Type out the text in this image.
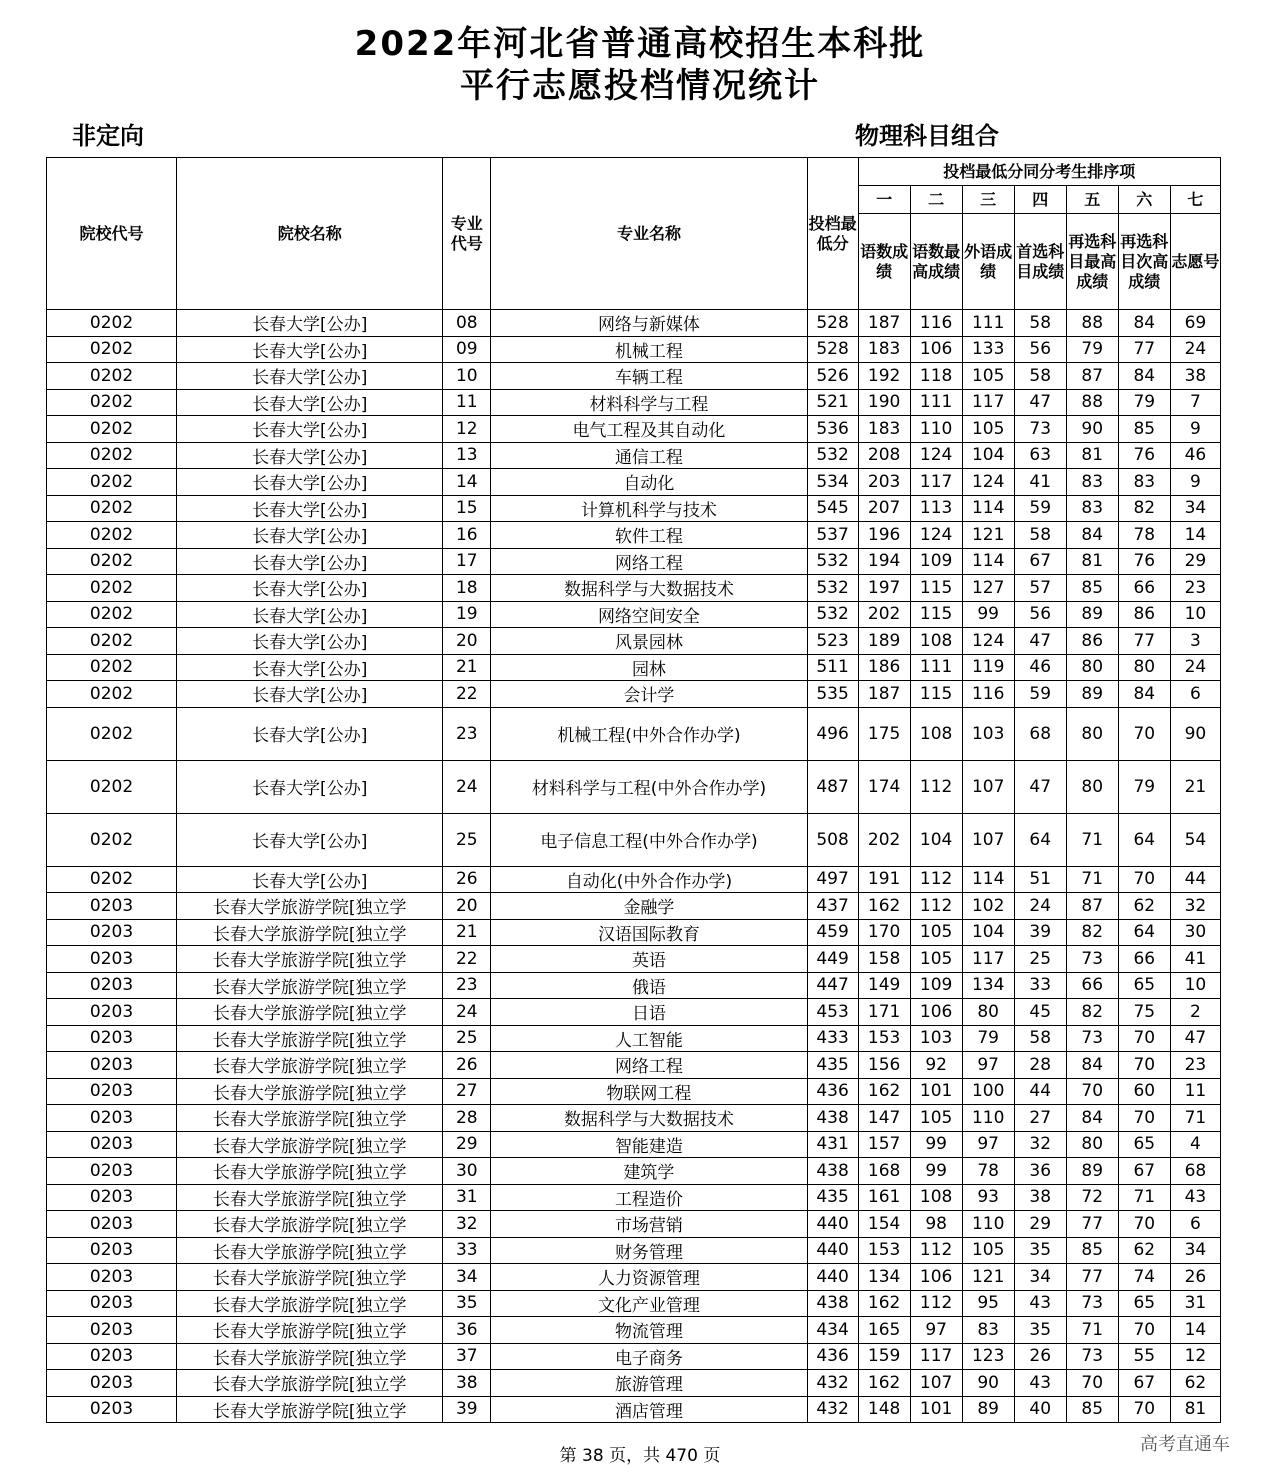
2022年河北省普通高校招生本科批
平行志愿投档情况统计
非定向	物理科目组合
院校代号	院校名称	专业代号	专业名称	投档最低分	投档最低分同分考生排序项						
					一	二	三	四	五	六	七
					语数成绩	语数最高成绩	外语成绩	首选科目成绩	再选科目最高成绩	再选科目次高成绩	志愿号
0202	长春大学[公办]	08	网络与新媒体	528	187	116	111	58	88	84	69
0202	长春大学[公办]	09	机械工程	528	183	106	133	56	79	77	24
0202	长春大学[公办]	10	车辆工程	526	192	118	105	58	87	84	38
0202	长春大学[公办]	11	材料科学与工程	521	190	111	117	47	88	79	7
0202	长春大学[公办]	12	电气工程及其自动化	536	183	110	105	73	90	85	9
0202	长春大学[公办]	13	通信工程	532	208	124	104	63	81	76	46
0202	长春大学[公办]	14	自动化	534	203	117	124	41	83	83	9
0202	长春大学[公办]	15	计算机科学与技术	545	207	113	114	59	83	82	34
0202	长春大学[公办]	16	软件工程	537	196	124	121	58	84	78	14
0202	长春大学[公办]	17	网络工程	532	194	109	114	67	81	76	29
0202	长春大学[公办]	18	数据科学与大数据技术	532	197	115	127	57	85	66	23
0202	长春大学[公办]	19	网络空间安全	532	202	115	99	56	89	86	10
0202	长春大学[公办]	20	风景园林	523	189	108	124	47	86	77	3
0202	长春大学[公办]	21	园林	511	186	111	119	46	80	80	24
0202	长春大学[公办]	22	会计学	535	187	115	116	59	89	84	6
0202	长春大学[公办]	23	机械工程(中外合作办学)	496	175	108	103	68	80	70	90
0202	长春大学[公办]	24	材料科学与工程(中外合作办学)	487	174	112	107	47	80	79	21
0202	长春大学[公办]	25	电子信息工程(中外合作办学)	508	202	104	107	64	71	64	54
0202	长春大学[公办]	26	自动化(中外合作办学)	497	191	112	114	51	71	70	44
0203	长春大学旅游学院[独立学	20	金融学	437	162	112	102	24	87	62	32
0203	长春大学旅游学院[独立学	21	汉语国际教育	459	170	105	104	39	82	64	30
0203	长春大学旅游学院[独立学	22	英语	449	158	105	117	25	73	66	41
0203	长春大学旅游学院[独立学	23	俄语	447	149	109	134	33	66	65	10
0203	长春大学旅游学院[独立学	24	日语	453	171	106	80	45	82	75	2
0203	长春大学旅游学院[独立学	25	人工智能	433	153	103	79	58	73	70	47
0203	长春大学旅游学院[独立学	26	网络工程	435	156	92	97	28	84	70	23
0203	长春大学旅游学院[独立学	27	物联网工程	436	162	101	100	44	70	60	11
0203	长春大学旅游学院[独立学	28	数据科学与大数据技术	438	147	105	110	27	84	70	71
0203	长春大学旅游学院[独立学	29	智能建造	431	157	99	97	32	80	65	4
0203	长春大学旅游学院[独立学	30	建筑学	438	168	99	78	36	89	67	68
0203	长春大学旅游学院[独立学	31	工程造价	435	161	108	93	38	72	71	43
0203	长春大学旅游学院[独立学	32	市场营销	440	154	98	110	29	77	70	6
0203	长春大学旅游学院[独立学	33	财务管理	440	153	112	105	35	85	62	34
0203	长春大学旅游学院[独立学	34	人力资源管理	440	134	106	121	34	77	74	26
0203	长春大学旅游学院[独立学	35	文化产业管理	438	162	112	95	43	73	65	31
0203	长春大学旅游学院[独立学	36	物流管理	434	165	97	83	35	71	70	14
0203	长春大学旅游学院[独立学	37	电子商务	436	159	117	123	26	73	55	12
0203	长春大学旅游学院[独立学	38	旅游管理	432	162	107	90	43	70	67	62
0203	长春大学旅游学院[独立学	39	酒店管理	432	148	101	89	40	85	70	81
第 38 页，共 470 页
高考直通车
